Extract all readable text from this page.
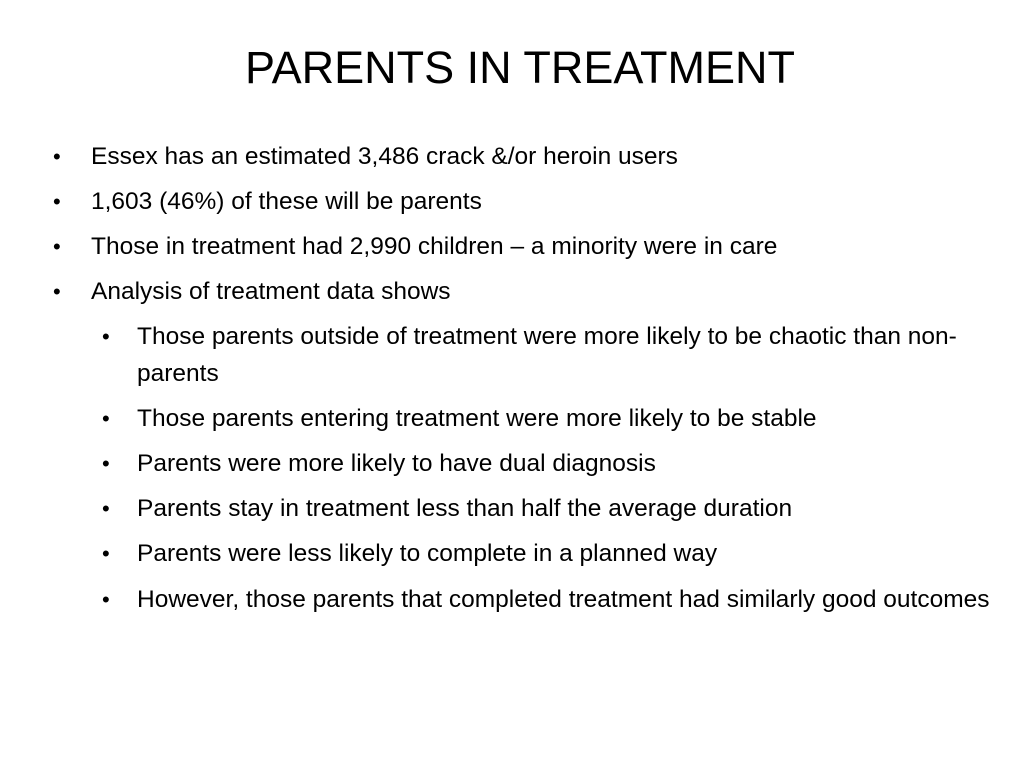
PARENTS IN TREATMENT
• Essex has an estimated 3,486 crack &/or heroin users
• 1,603 (46%) of these will be parents
• Those in treatment had 2,990 children – a minority were in care
• Analysis of treatment data shows
• Those parents outside of treatment were more likely to be chaotic than non-parents
• Those parents entering treatment were more likely to be stable
• Parents were more likely to have dual diagnosis
• Parents stay in treatment less than half the average duration
• Parents were less likely to complete in a planned way
• However, those parents that completed treatment had similarly good outcomes
